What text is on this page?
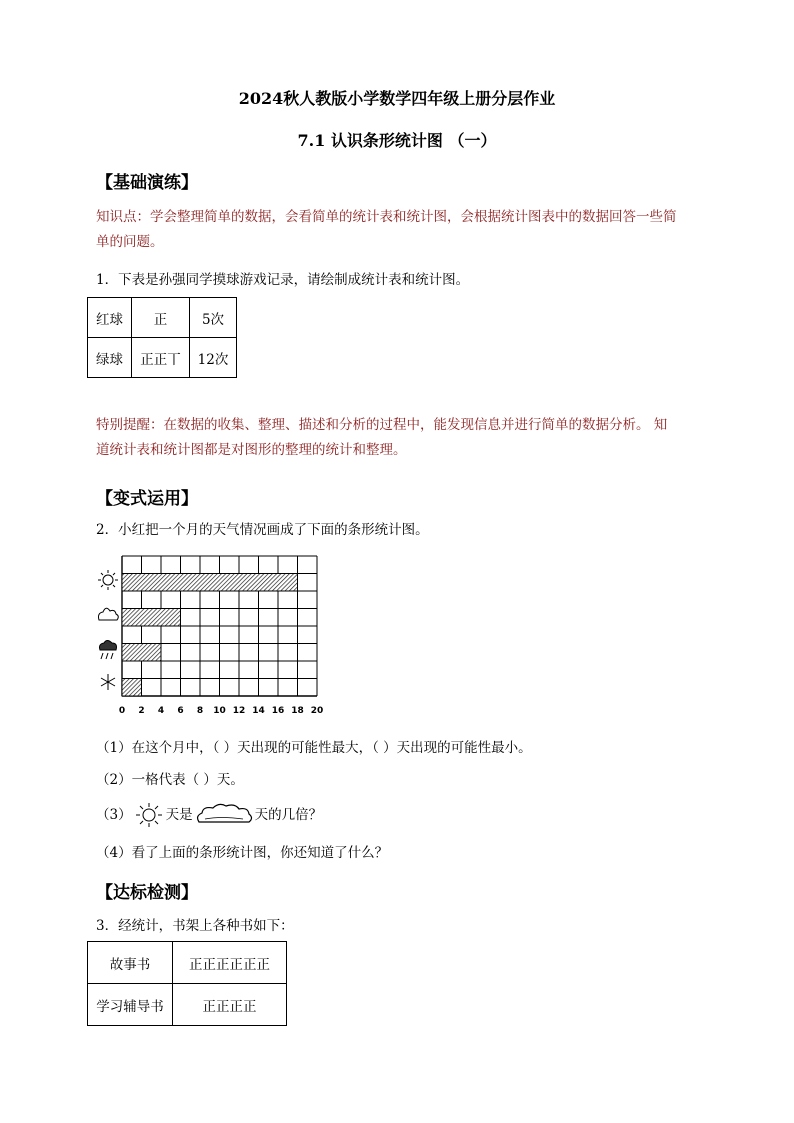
2024秋人教版小学数学四年级上册分层作业
7.1 认识条形统计图 （一）
【基础演练】
知识点：学会整理简单的数据，会看简单的统计表和统计图，会根据统计图表中的数据回答一些简
单的问题。
1．下表是孙强同学摸球游戏记录，请绘制成统计表和统计图。
红球	正	5次
绿球	正正丅	12次
特别提醒：在数据的收集、整理、描述和分析的过程中，能发现信息并进行简单的数据分析。 知
道统计表和统计图都是对图形的整理的统计和整理。
【变式运用】
2．小红把一个月的天气情况画成了下面的条形统计图。
0 2 4 6 8 10 12 14 16 18 20
（1）在这个月中，（ ）天出现的可能性最大，（ ）天出现的可能性最小。
（2）一格代表（ ）天。
（3）	天是	天的几倍？
（4）看了上面的条形统计图，你还知道了什么？
【达标检测】
3．经统计，书架上各种书如下：
故事书	正正正正正正
学习辅导书	正正正正
